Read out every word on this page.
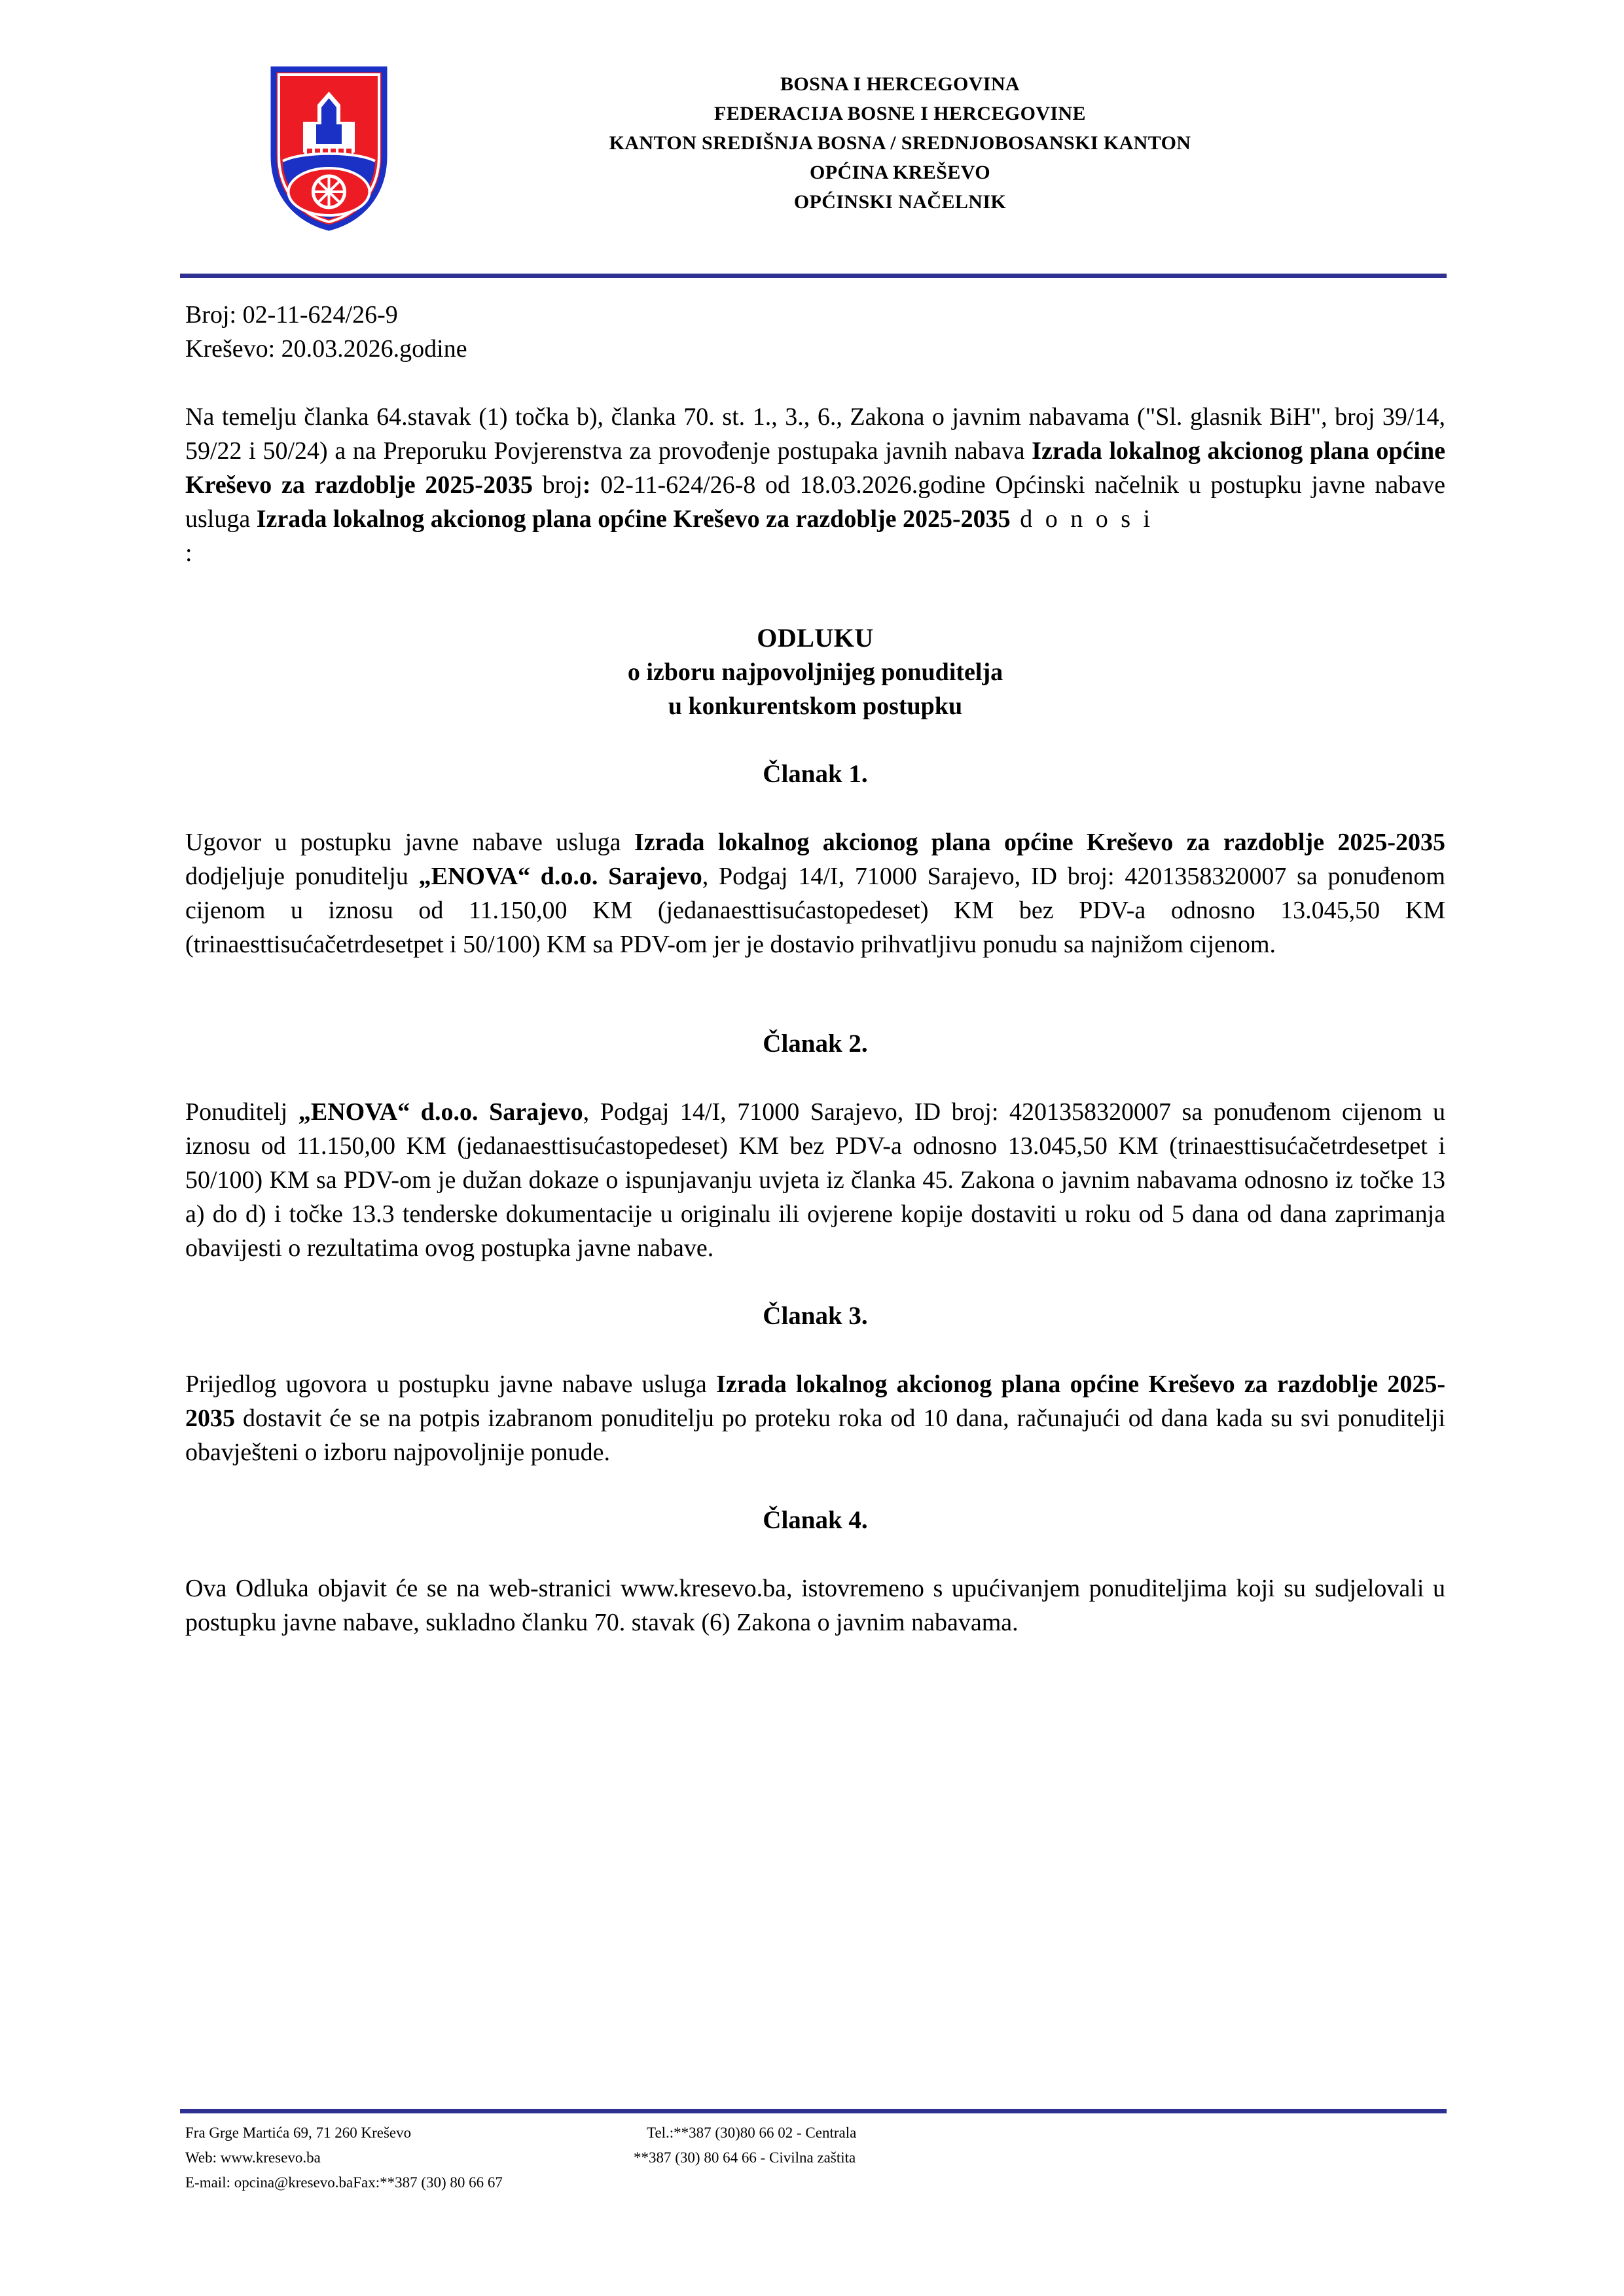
BOSNA I HERCEGOVINA
FEDERACIJA BOSNE I HERCEGOVINE
KANTON SREDIŠNJA BOSNA / SREDNJOBOSANSKI KANTON
OPĆINA KREŠEVO
OPĆINSKI NAČELNIK
Broj: 02-11-624/26-9
Kreševo: 20.03.2026.godine

Na temelju članka 64.stavak (1) točka b), članka 70. st. 1., 3., 6., Zakona o javnim nabavama ("Sl. glasnik BiH", broj 39/14, 59/22 i 50/24) a na Preporuku Povjerenstva za provođenje postupaka javnih nabava Izrada lokalnog akcionog plana općine Kreševo za razdoblje 2025-2035 broj: 02-11-624/26-8 od 18.03.2026.godine Općinski načelnik u postupku javne nabave usluga Izrada lokalnog akcionog plana općine Kreševo za razdoblje 2025-2035 d o n o s i

:
ODLUKU
o izboru najpovoljnijeg ponuditelja
u konkurentskom postupku
Članak 1.

Ugovor u postupku javne nabave usluga Izrada lokalnog akcionog plana općine Kreševo za razdoblje 2025-2035 dodjeljuje ponuditelju „ENOVA“ d.o.o. Sarajevo, Podgaj 14/I, 71000 Sarajevo, ID broj: 4201358320007 sa ponuđenom cijenom u iznosu od 11.150,00 KM (jedanaesttisućastopedeset) KM bez PDV-a odnosno 13.045,50 KM (trinaesttisućačetrdesetpet i 50/100) KM sa PDV-om jer je dostavio prihvatljivu ponudu sa najnižom cijenom.

Članak 2.

Ponuditelj „ENOVA“ d.o.o. Sarajevo, Podgaj 14/I, 71000 Sarajevo, ID broj: 4201358320007 sa ponuđenom cijenom u iznosu od 11.150,00 KM (jedanaesttisućastopedeset) KM bez PDV-a odnosno 13.045,50 KM (trinaesttisućačetrdesetpet i 50/100) KM sa PDV-om je dužan dokaze o ispunjavanju uvjeta iz članka 45. Zakona o javnim nabavama odnosno iz točke 13 a) do d) i točke 13.3 tenderske dokumentacije u originalu ili ovjerene kopije dostaviti u roku od 5 dana od dana zaprimanja obavijesti o rezultatima ovog postupka javne nabave.

Članak 3.

Prijedlog ugovora u postupku javne nabave usluga Izrada lokalnog akcionog plana općine Kreševo za razdoblje 2025-2035 dostavit će se na potpis izabranom ponuditelju po proteku roka od 10 dana, računajući od dana kada su svi ponuditelji obavješteni o izboru najpovoljnije ponude.

Članak 4.

Ova Odluka objavit će se na web-stranici www.kresevo.ba, istovremeno s upućivanjem ponuditeljima koji su sudjelovali u postupku javne nabave, sukladno članku 70. stavak (6) Zakona o javnim nabavama.

Fra Grge Martića 69, 71 260 Kreševo	Tel.:**387 (30)80 66 02 - Centrala
Web: www.kresevo.ba	**387 (30) 80 64 66 - Civilna zaštita
E-mail: opcina@kresevo.baFax:**387 (30) 80 66 67
